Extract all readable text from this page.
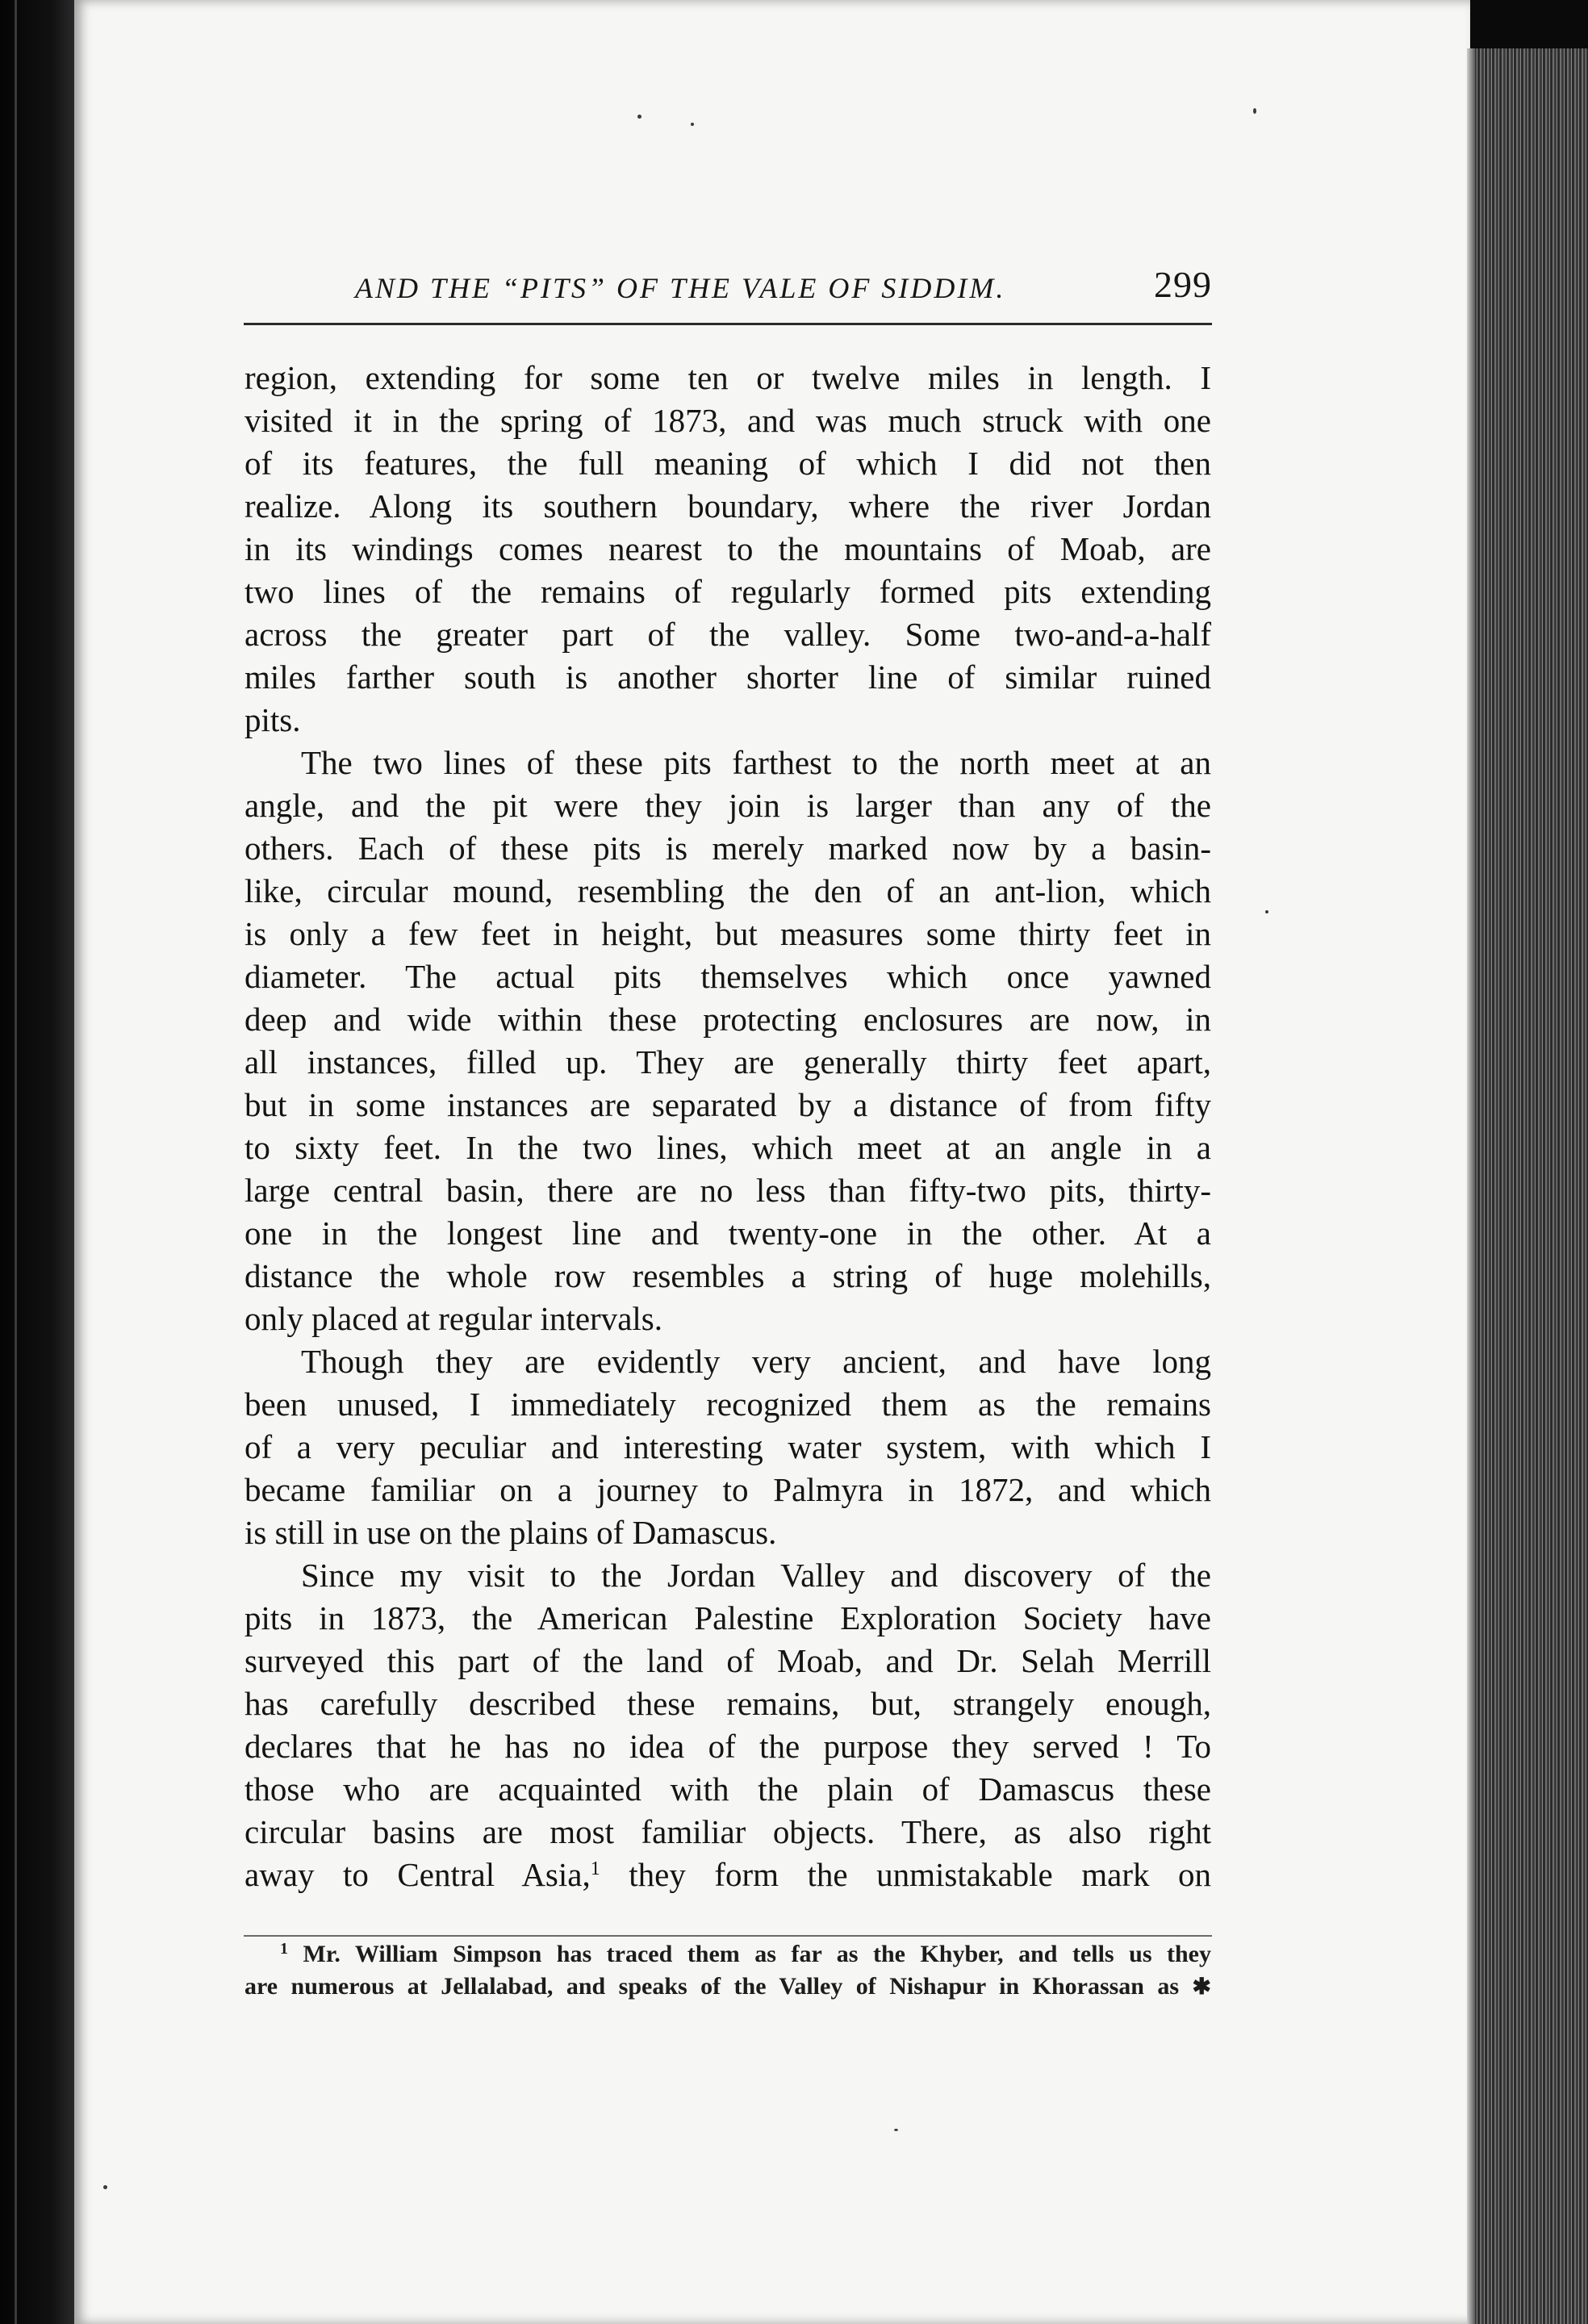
AND THE “PITS” OF THE VALE OF SIDDIM.	299
region, extending for some ten or twelve miles in length. I
visited it in the spring of 1873, and was much struck with one
of its features, the full meaning of which I did not then
realize. Along its southern boundary, where the river Jordan
in its windings comes nearest to the mountains of Moab, are
two lines of the remains of regularly formed pits extending
across the greater part of the valley. Some two-and-a-half
miles farther south is another shorter line of similar ruined
pits.
The two lines of these pits farthest to the north meet at an
angle, and the pit were they join is larger than any of the
others. Each of these pits is merely marked now by a basin-
like, circular mound, resembling the den of an ant-lion, which
is only a few feet in height, but measures some thirty feet in
diameter. The actual pits themselves which once yawned
deep and wide within these protecting enclosures are now, in
all instances, filled up. They are generally thirty feet apart,
but in some instances are separated by a distance of from fifty
to sixty feet. In the two lines, which meet at an angle in a
large central basin, there are no less than fifty-two pits, thirty-
one in the longest line and twenty-one in the other. At a
distance the whole row resembles a string of huge molehills,
only placed at regular intervals.
Though they are evidently very ancient, and have long
been unused, I immediately recognized them as the remains
of a very peculiar and interesting water system, with which I
became familiar on a journey to Palmyra in 1872, and which
is still in use on the plains of Damascus.
Since my visit to the Jordan Valley and discovery of the
pits in 1873, the American Palestine Exploration Society have
surveyed this part of the land of Moab, and Dr. Selah Merrill
has carefully described these remains, but, strangely enough,
declares that he has no idea of the purpose they served ! To
those who are acquainted with the plain of Damascus these
circular basins are most familiar objects. There, as also right
away to Central Asia,$^1$ they form the unmistakable mark on
$^1$ Mr. William Simpson has traced them as far as the Khyber, and tells us they
are numerous at Jellalabad, and speaks of the Valley of Nishapur in Khorassan as ✱
